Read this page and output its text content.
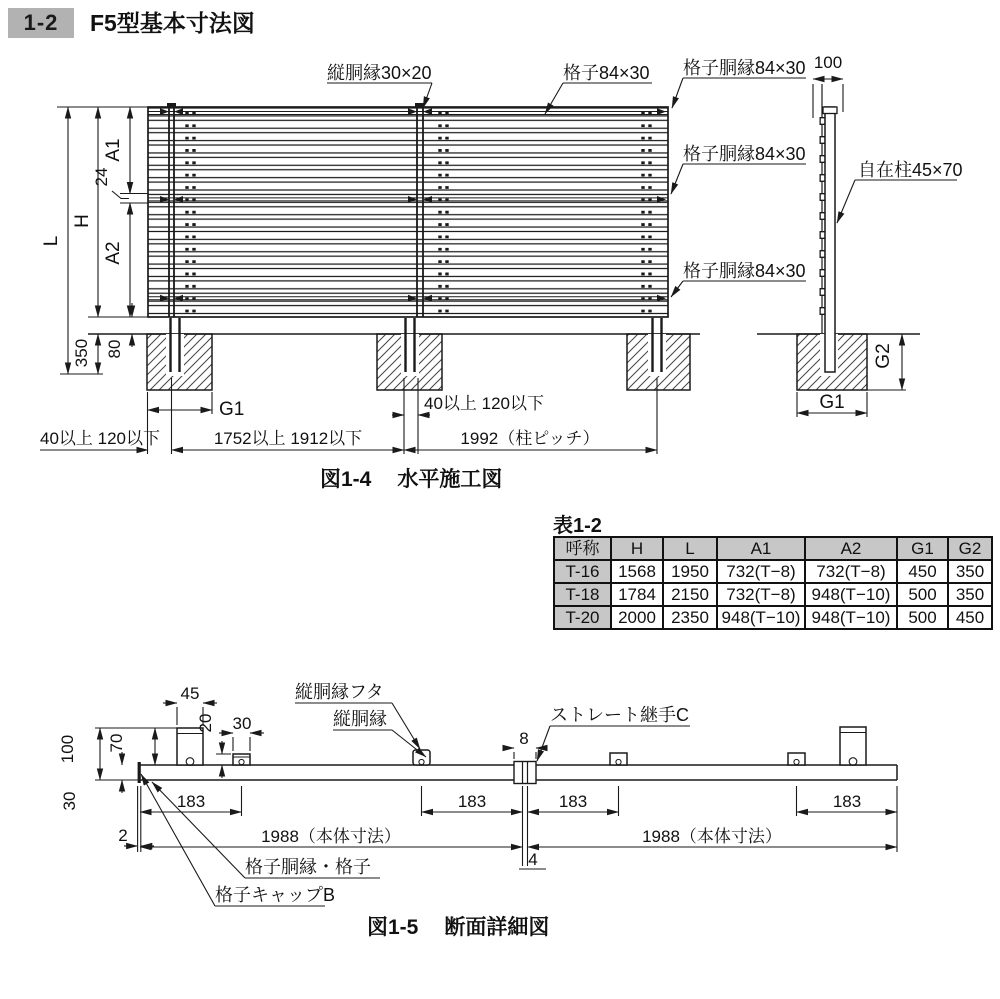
1-2	F5型基本寸法図
縦胴縁30×20	格子84×30 格子胴縁84×30
格子胴縁84×30
格子胴縁84×30
自在柱45×70
100
L
H
A1
24
A2
350 80
G1	G1
G2
40以上 120以下	1752以上 1912以下	1992（柱ピッチ）
40以上 120以下
図1-4 水平施工図
表1-2
呼称	H	L	A1	A2	G1	G2
T-16	1568	1950	732(T−8)	732(T−8)	450	350
T-18	1784	2150	732(T−8)	948(T−10)	500	350
T-20	2000	2350	948(T−10)	948(T−10)	500	450
45
30
20
100 70
30
2
8
183	183	183	183
1988（本体寸法）	1988（本体寸法）
4
縦胴縁フタ
縦胴縁	ストレート継手C
格子胴縁・格子
格子キャップB
図1-5 断面詳細図
